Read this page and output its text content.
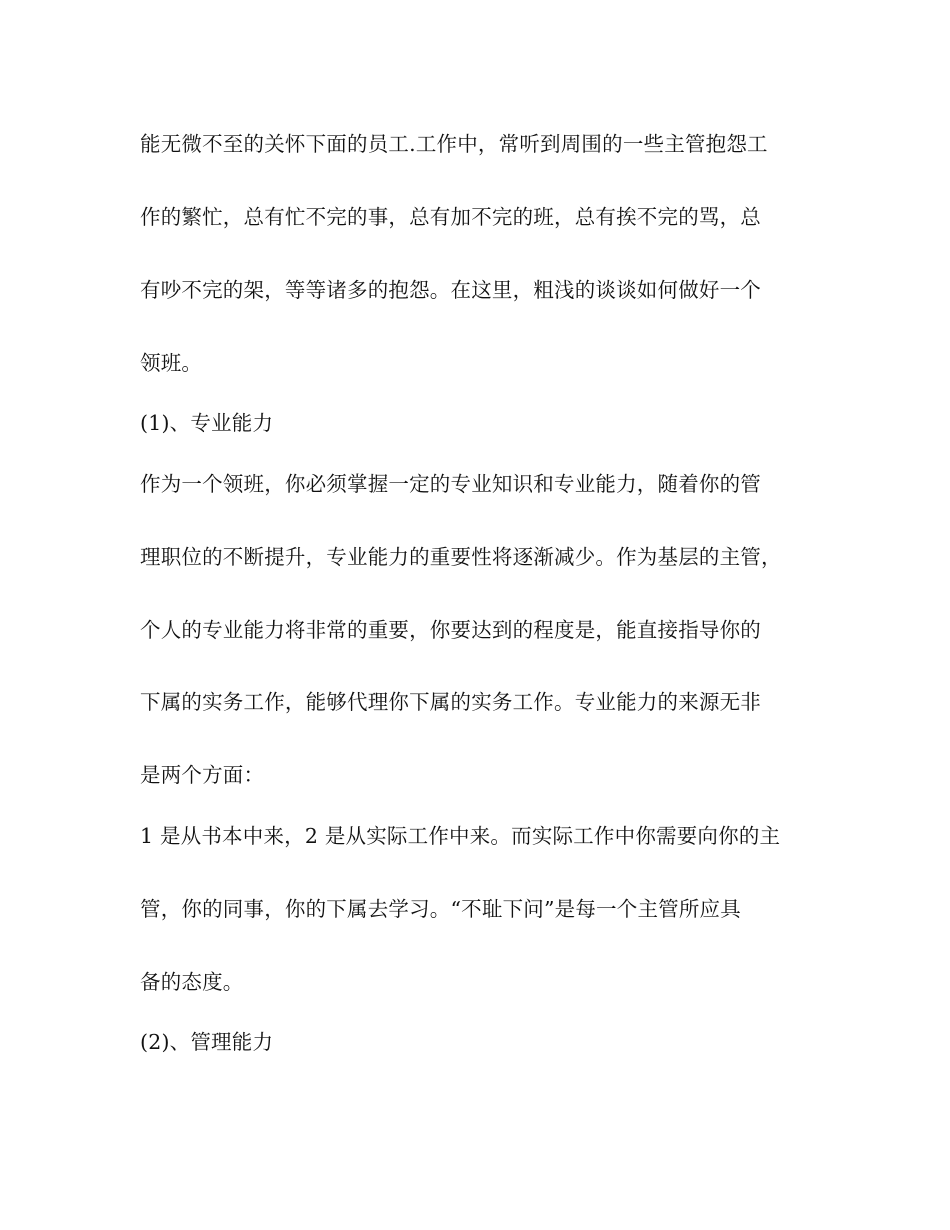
能无微不至的关怀下面的员工.工作中，常听到周围的一些主管抱怨工
作的繁忙，总有忙不完的事，总有加不完的班，总有挨不完的骂，总
有吵不完的架，等等诸多的抱怨。在这里，粗浅的谈谈如何做好一个
领班。
(1)、专业能力
作为一个领班，你必须掌握一定的专业知识和专业能力，随着你的管
理职位的不断提升，专业能力的重要性将逐渐减少。作为基层的主管，
个人的专业能力将非常的重要，你要达到的程度是，能直接指导你的
下属的实务工作，能够代理你下属的实务工作。专业能力的来源无非
是两个方面：
1 是从书本中来，2 是从实际工作中来。而实际工作中你需要向你的主
管，你的同事，你的下属去学习。“不耻下问”是每一个主管所应具
备的态度。
(2)、管理能力
